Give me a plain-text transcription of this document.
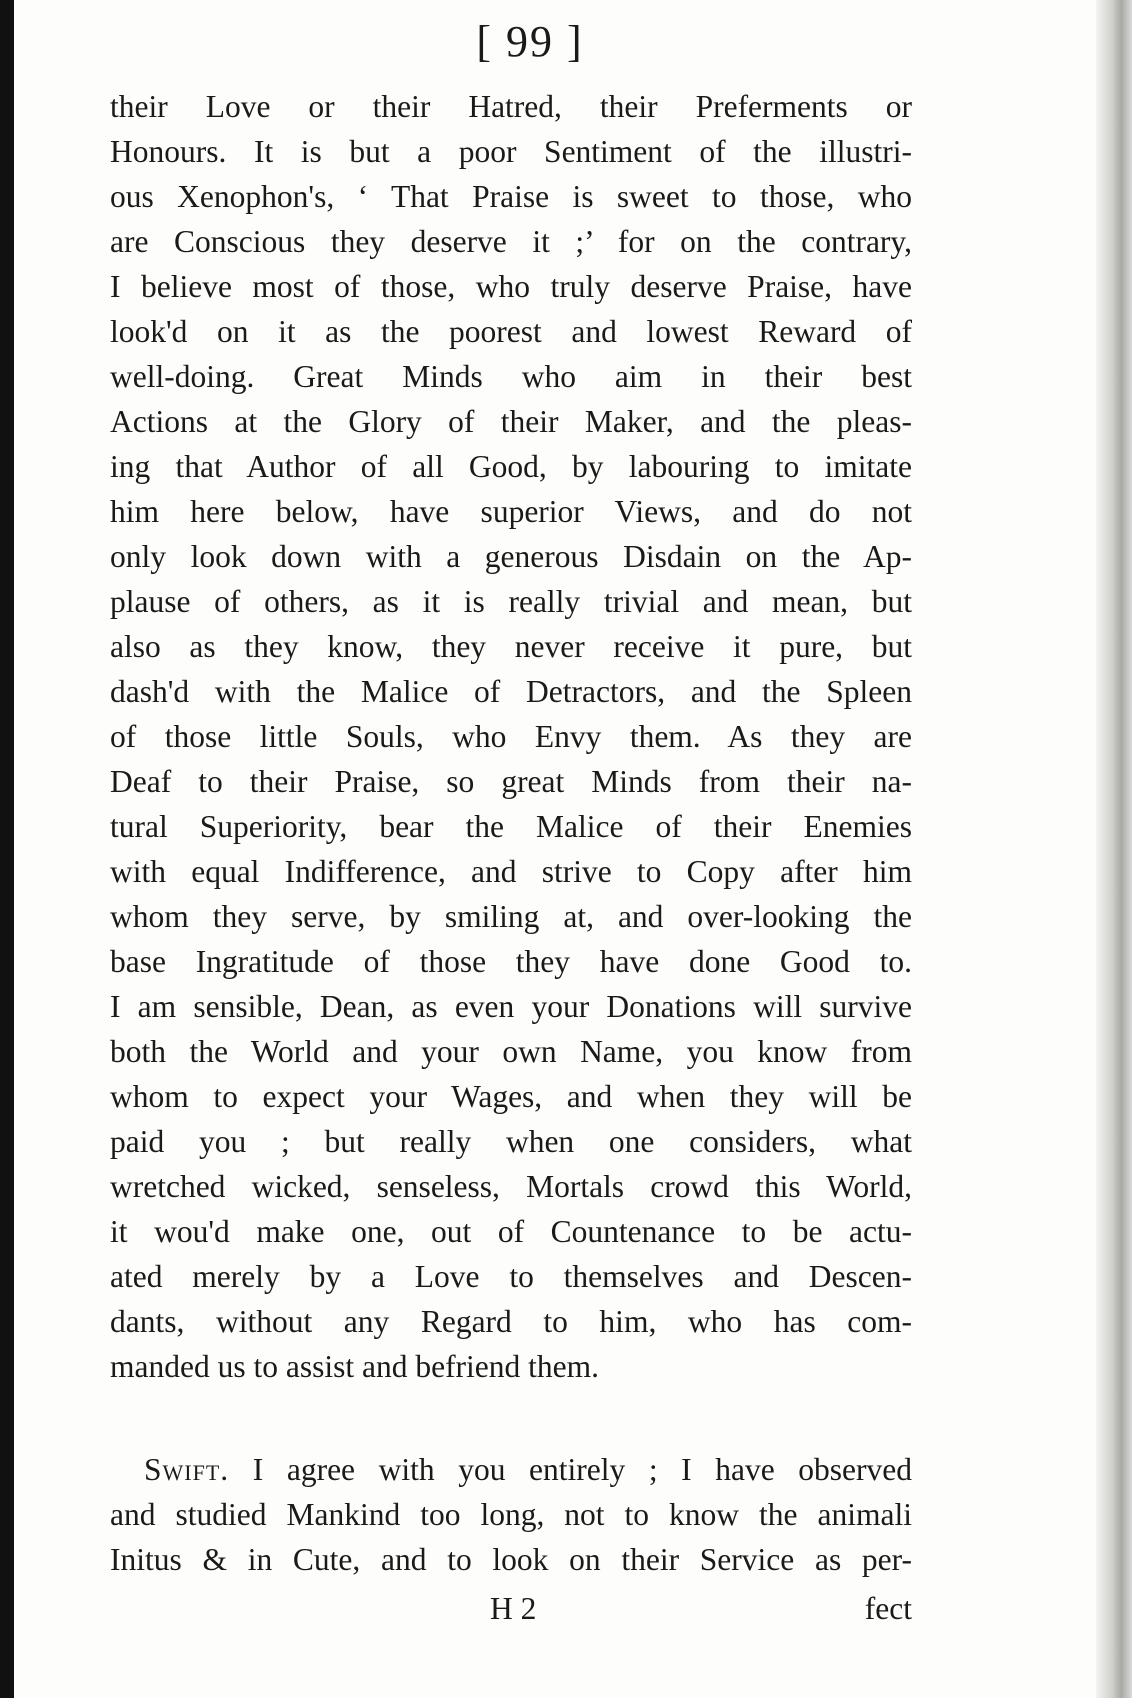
[ 99 ]
their Love or their Hatred, their Preferments or
Honours. It is but a poor Sentiment of the illustri-
ous Xenophon's, ‘ That Praise is sweet to those, who
are Conscious they deserve it ;’ for on the contrary,
I believe most of those, who truly deserve Praise, have
look'd on it as the poorest and lowest Reward of
well-doing. Great Minds who aim in their best
Actions at the Glory of their Maker, and the pleas-
ing that Author of all Good, by labouring to imitate
him here below, have superior Views, and do not
only look down with a generous Disdain on the Ap-
plause of others, as it is really trivial and mean, but
also as they know, they never receive it pure, but
dash'd with the Malice of Detractors, and the Spleen
of those little Souls, who Envy them. As they are
Deaf to their Praise, so great Minds from their na-
tural Superiority, bear the Malice of their Enemies
with equal Indifference, and strive to Copy after him
whom they serve, by smiling at, and over-looking the
base Ingratitude of those they have done Good to.
I am sensible, Dean, as even your Donations will survive
both the World and your own Name, you know from
whom to expect your Wages, and when they will be
paid you ; but really when one considers, what
wretched wicked, senseless, Mortals crowd this World,
it wou'd make one, out of Countenance to be actu-
ated merely by a Love to themselves and Descen-
dants, without any Regard to him, who has com-
manded us to assist and befriend them.
Swift. I agree with you entirely ; I have observed
and studied Mankind too long, not to know the animali
Initus & in Cute, and to look on their Service as per-
H 2	fect
